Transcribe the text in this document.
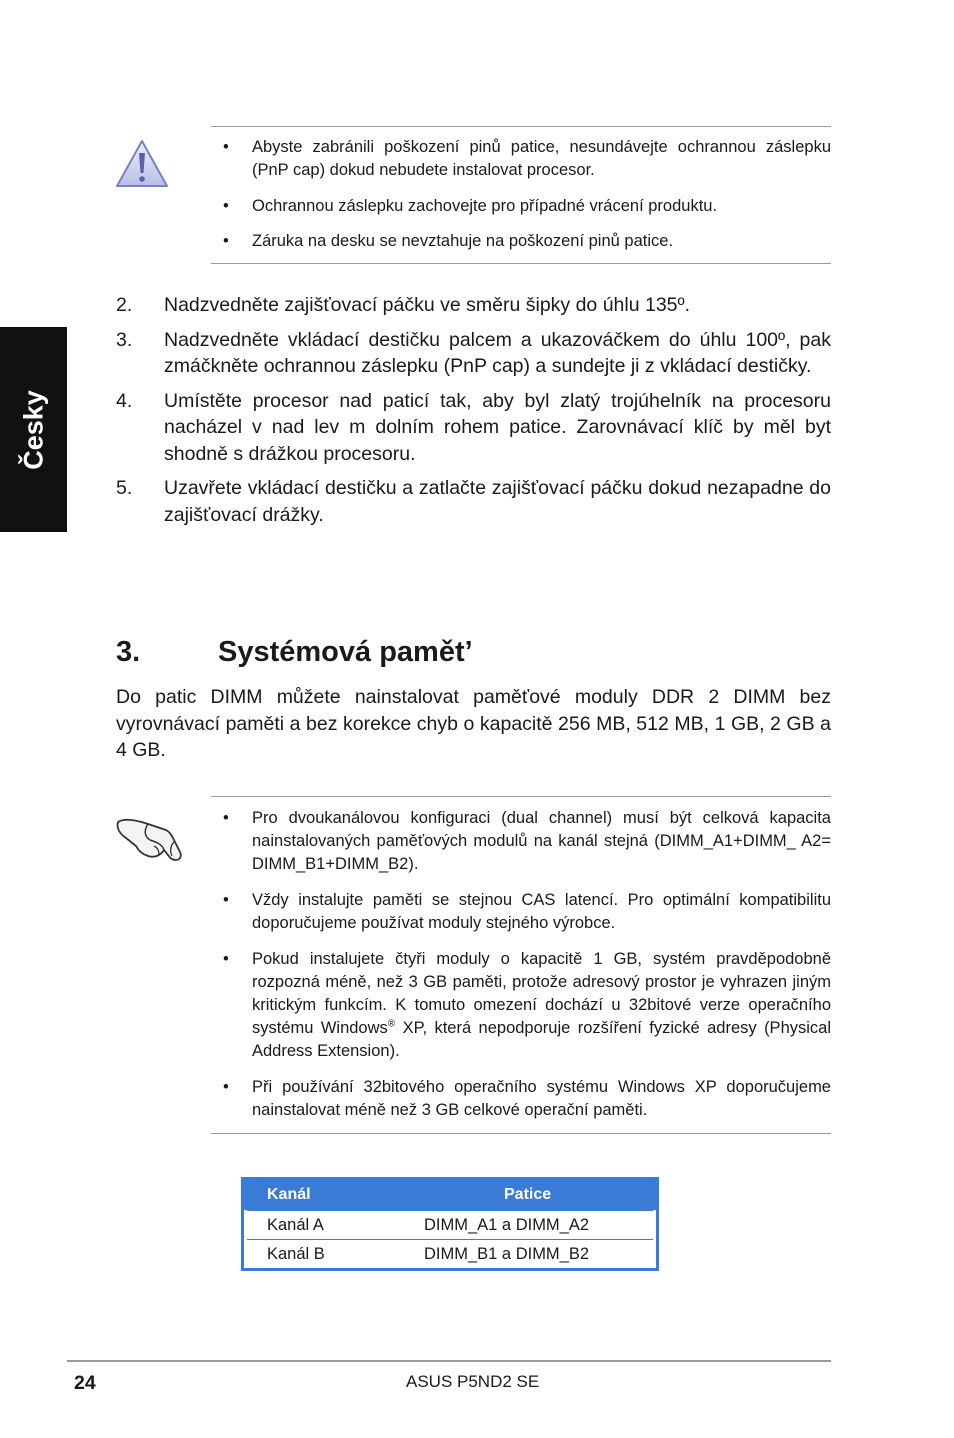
Česky
• Abyste zabránili poškození pinů patice, nesundávejte ochrannou záslepku (PnP cap) dokud nebudete instalovat procesor.
• Ochrannou záslepku zachovejte pro případné vrácení produktu.
• Záruka na desku se nevztahuje na poškození pinů patice.
2. Nadzvedněte zajišťovací páčku ve směru šipky do úhlu 135º.
3. Nadzvedněte vkládací destičku palcem a ukazováčkem do úhlu 100º, pak zmáčkněte ochrannou záslepku (PnP cap) a sundejte ji z vkládací destičky.
4. Umístěte procesor nad paticí tak, aby byl zlatý trojúhelník na procesoru nacházel v nad lev m dolním rohem patice. Zarovnávací klíč by měl byt shodně s drážkou procesoru.
5. Uzavřete vkládací destičku a zatlačte zajišťovací páčku dokud nezapadne do zajišťovací drážky.
3.	Systémová pamět’
Do patic DIMM můžete nainstalovat paměťové moduly DDR 2 DIMM bez vyrovnávací paměti a bez korekce chyb o kapacitě 256 MB, 512 MB, 1 GB, 2 GB a 4 GB.
• Pro dvoukanálovou konfiguraci (dual channel) musí být celková kapacita nainstalovaných paměťových modulů na kanál stejná (DIMM_A1+DIMM_ A2= DIMM_B1+DIMM_B2).
• Vždy instalujte paměti se stejnou CAS latencí. Pro optimální kompatibilitu doporučujeme používat moduly stejného výrobce.
• Pokud instalujete čtyři moduly o kapacitě 1 GB, systém pravděpodobně rozpozná méně, než 3 GB paměti, protože adresový prostor je vyhrazen jiným kritickým funkcím. K tomuto omezení dochází u 32bitové verze operačního systému Windows® XP, která nepodporuje rozšíření fyzické adresy (Physical Address Extension).
• Při používání 32bitového operačního systému Windows XP doporučujeme nainstalovat méně než 3 GB celkové operační paměti.
Kanál	Patice
Kanál A	DIMM_A1 a DIMM_A2
Kanál B	DIMM_B1 a DIMM_B2
24	ASUS P5ND2 SE
